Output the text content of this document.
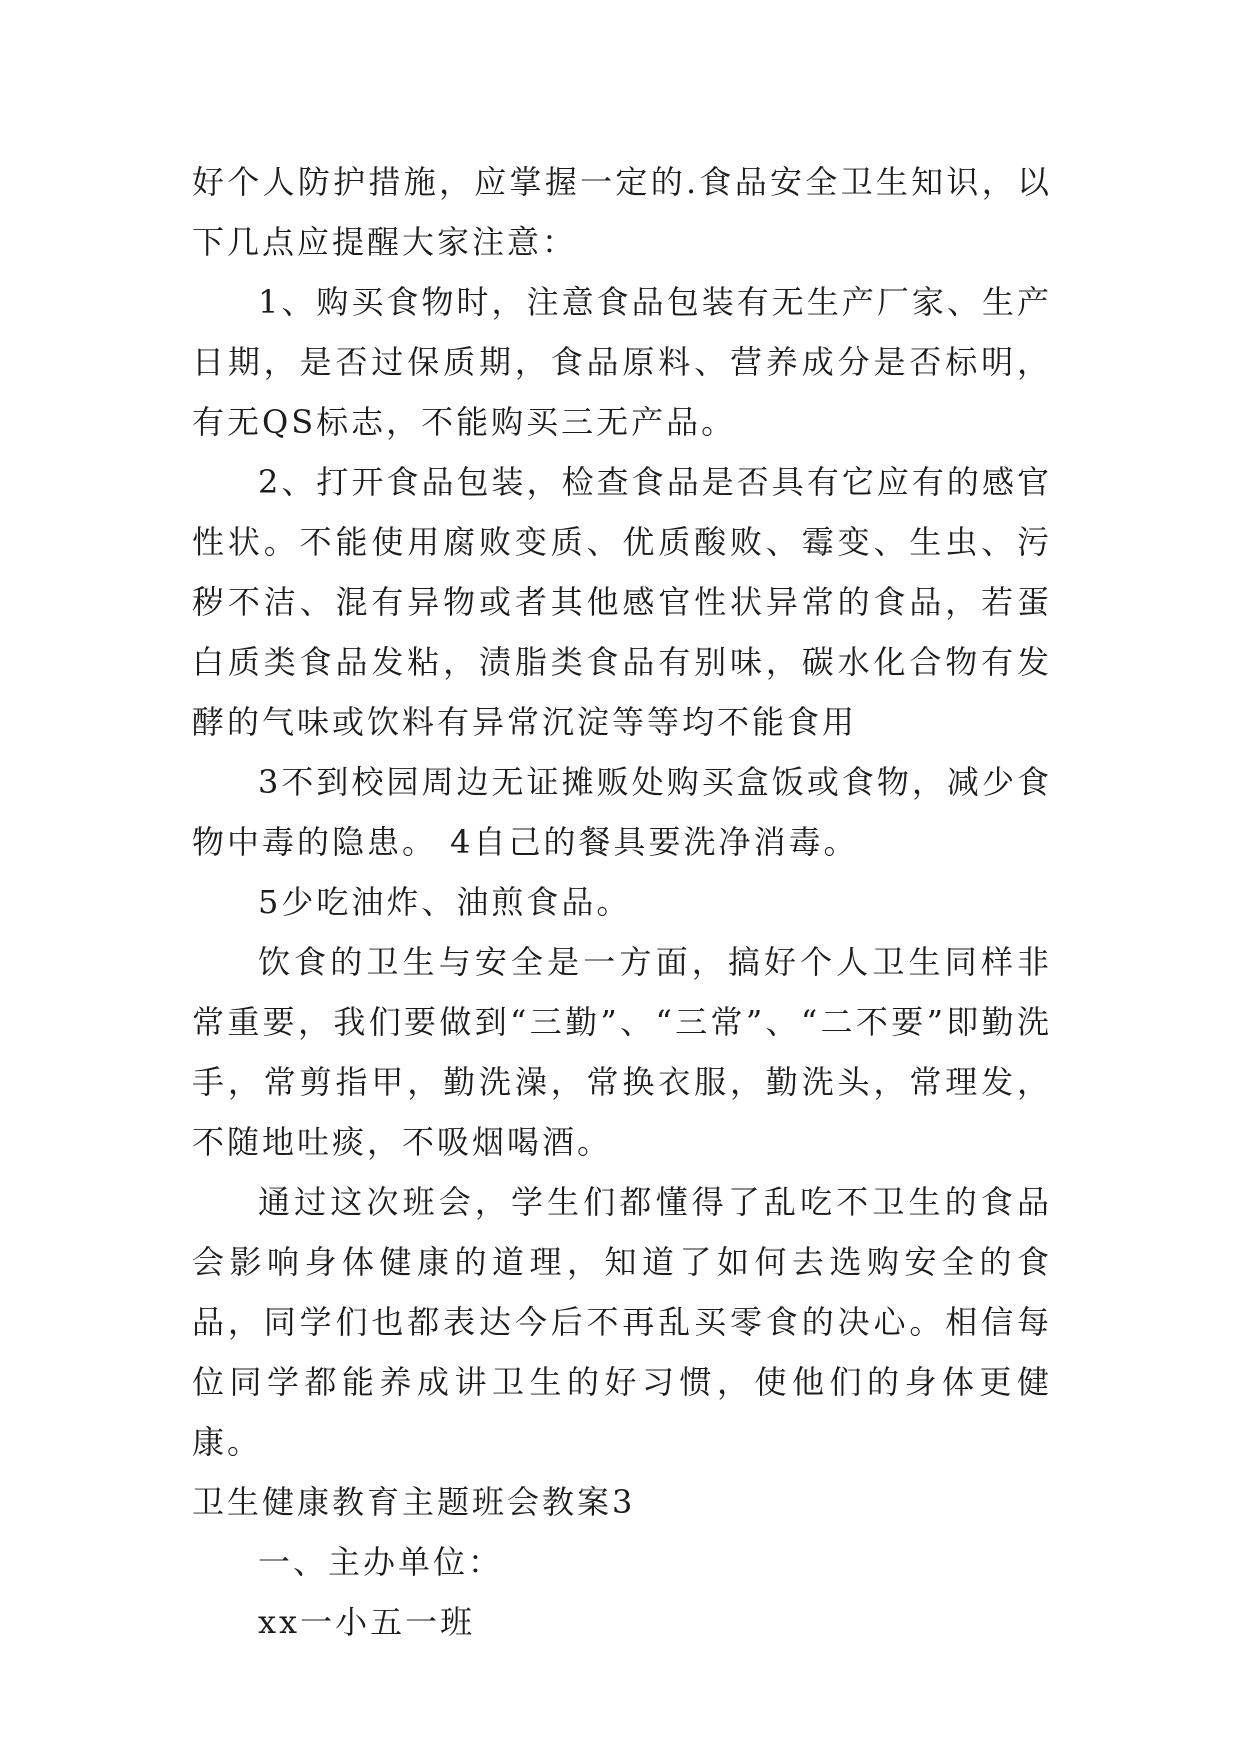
好个人防护措施，应掌握一定的.食品安全卫生知识，以下几点应提醒大家注意：

1、购买食物时，注意食品包装有无生产厂家、生产日期，是否过保质期，食品原料、营养成分是否标明，有无QS标志，不能购买三无产品。

2、打开食品包装，检查食品是否具有它应有的感官性状。不能使用腐败变质、优质酸败、霉变、生虫、污秽不洁、混有异物或者其他感官性状异常的食品，若蛋白质类食品发粘，渍脂类食品有别味，碳水化合物有发酵的气味或饮料有异常沉淀等等均不能食用

3不到校园周边无证摊贩处购买盒饭或食物，减少食物中毒的隐患。 4自己的餐具要洗净消毒。

5少吃油炸、油煎食品。

饮食的卫生与安全是一方面，搞好个人卫生同样非常重要，我们要做到“三勤”、“三常”、“二不要”即勤洗手，常剪指甲，勤洗澡，常换衣服，勤洗头，常理发，不随地吐痰，不吸烟喝酒。

通过这次班会，学生们都懂得了乱吃不卫生的食品会影响身体健康的道理，知道了如何去选购安全的食品，同学们也都表达今后不再乱买零食的决心。相信每位同学都能养成讲卫生的好习惯，使他们的身体更健康。

卫生健康教育主题班会教案3

一、主办单位：

xx一小五一班
